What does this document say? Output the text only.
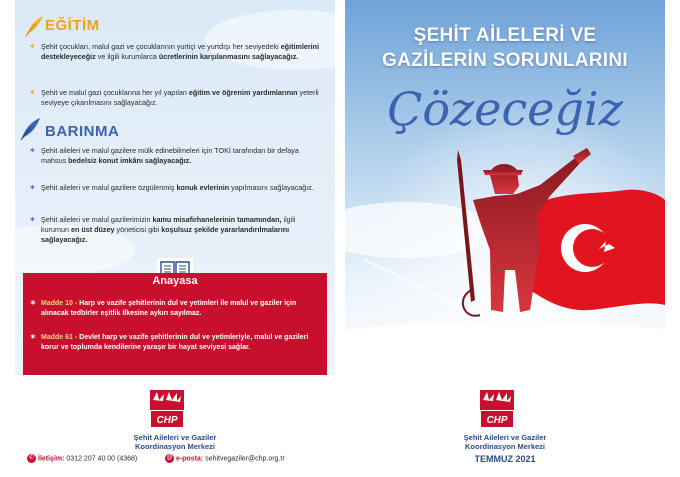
EĞİTİM
✶ Şehit çocukları, malul gazi ve çocuklarının yurtiçi ve yurtdışı her seviyedeki eğitimlerini destekleyeceğiz ve ilgili kurumlarca ücretlerinin karşılanmasını sağlayacağız.
✶ Şehit ve malul gazi çocuklarına her yıl yapılan eğitim ve öğrenim yardımlarının yeterli seviyeye çıkarılmasını sağlayacağız.
BARINMA
✶ Şehit aileleri ve malul gazilere mülk edinebilmeleri için TOKİ tarafından bir defaya mahsus bedelsiz konut imkânı sağlayacağız.
✶ Şehit aileleri ve malul gazilere özgülenmiş konuk evlerinin yapılmasını sağlayacağız.
✶ Şehit aileleri ve malul gazilerimizin kamu misafirhanelerinin tamamından, ilgili kurumun en üst düzey yöneticisi gibi koşulsuz şekilde yararlandırılmalarını sağlayacağız.
Anayasa
✶ Madde 10 - Harp ve vazife şehitlerinin dul ve yetimleri ile malul ve gaziler için alınacak tedbirler eşitlik ilkesine aykırı sayılmaz.
✶ Madde 61 - Devlet harp ve vazife şehitlerinin dul ve yetimleriyle, malul ve gazileri korur ve toplumda kendilerine yaraşır bir hayat seviyesi sağlar.
CHP
Şehit Aileleri ve Gaziler
Koordinasyon Merkezi
✆ İletişim: 0312 207 40 00 (4368)	@ e-posta: sehitvegaziler@chp.org.tr
ŞEHİT AİLELERİ VE
GAZİLERİN SORUNLARINI
Çözeceğiz
CHP
Şehit Aileleri ve Gaziler
Koordinasyon Merkezi
TEMMUZ 2021
